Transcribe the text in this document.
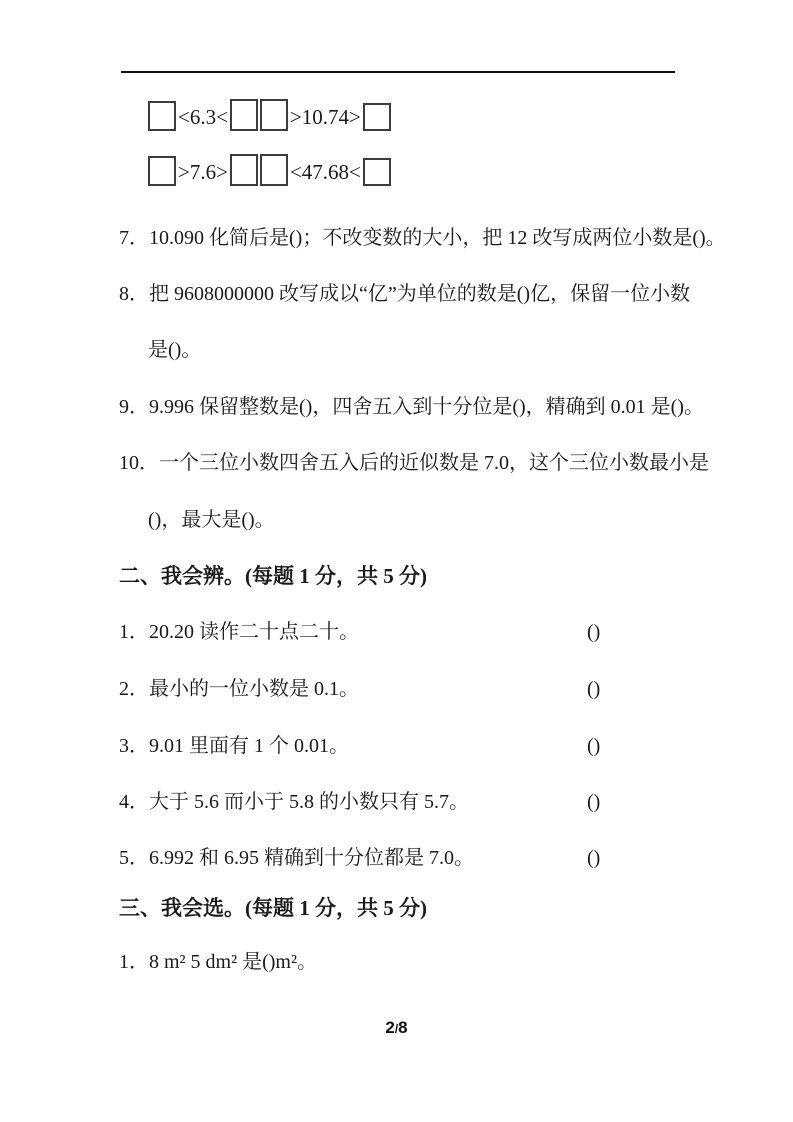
<6.3<	>10.74>
>7.6>	<47.68<
7．10.090 化简后是()；不改变数的大小，把 12 改写成两位小数是()。
8．把 9608000000 改写成以“亿”为单位的数是()亿，保留一位小数
是()。
9．9.996 保留整数是()，四舍五入到十分位是()，精确到 0.01 是()。
10．一个三位小数四舍五入后的近似数是 7.0，这个三位小数最小是
()，最大是()。
二、我会辨。(每题 1 分，共 5 分)
1．20.20 读作二十点二十。	()
2．最小的一位小数是 0.1。	()
3．9.01 里面有 1 个 0.01。	()
4．大于 5.6 而小于 5.8 的小数只有 5.7。	()
5．6.992 和 6.95 精确到十分位都是 7.0。	()
三、我会选。(每题 1 分，共 5 分)
1．8 m² 5 dm² 是()m²。
2/8
